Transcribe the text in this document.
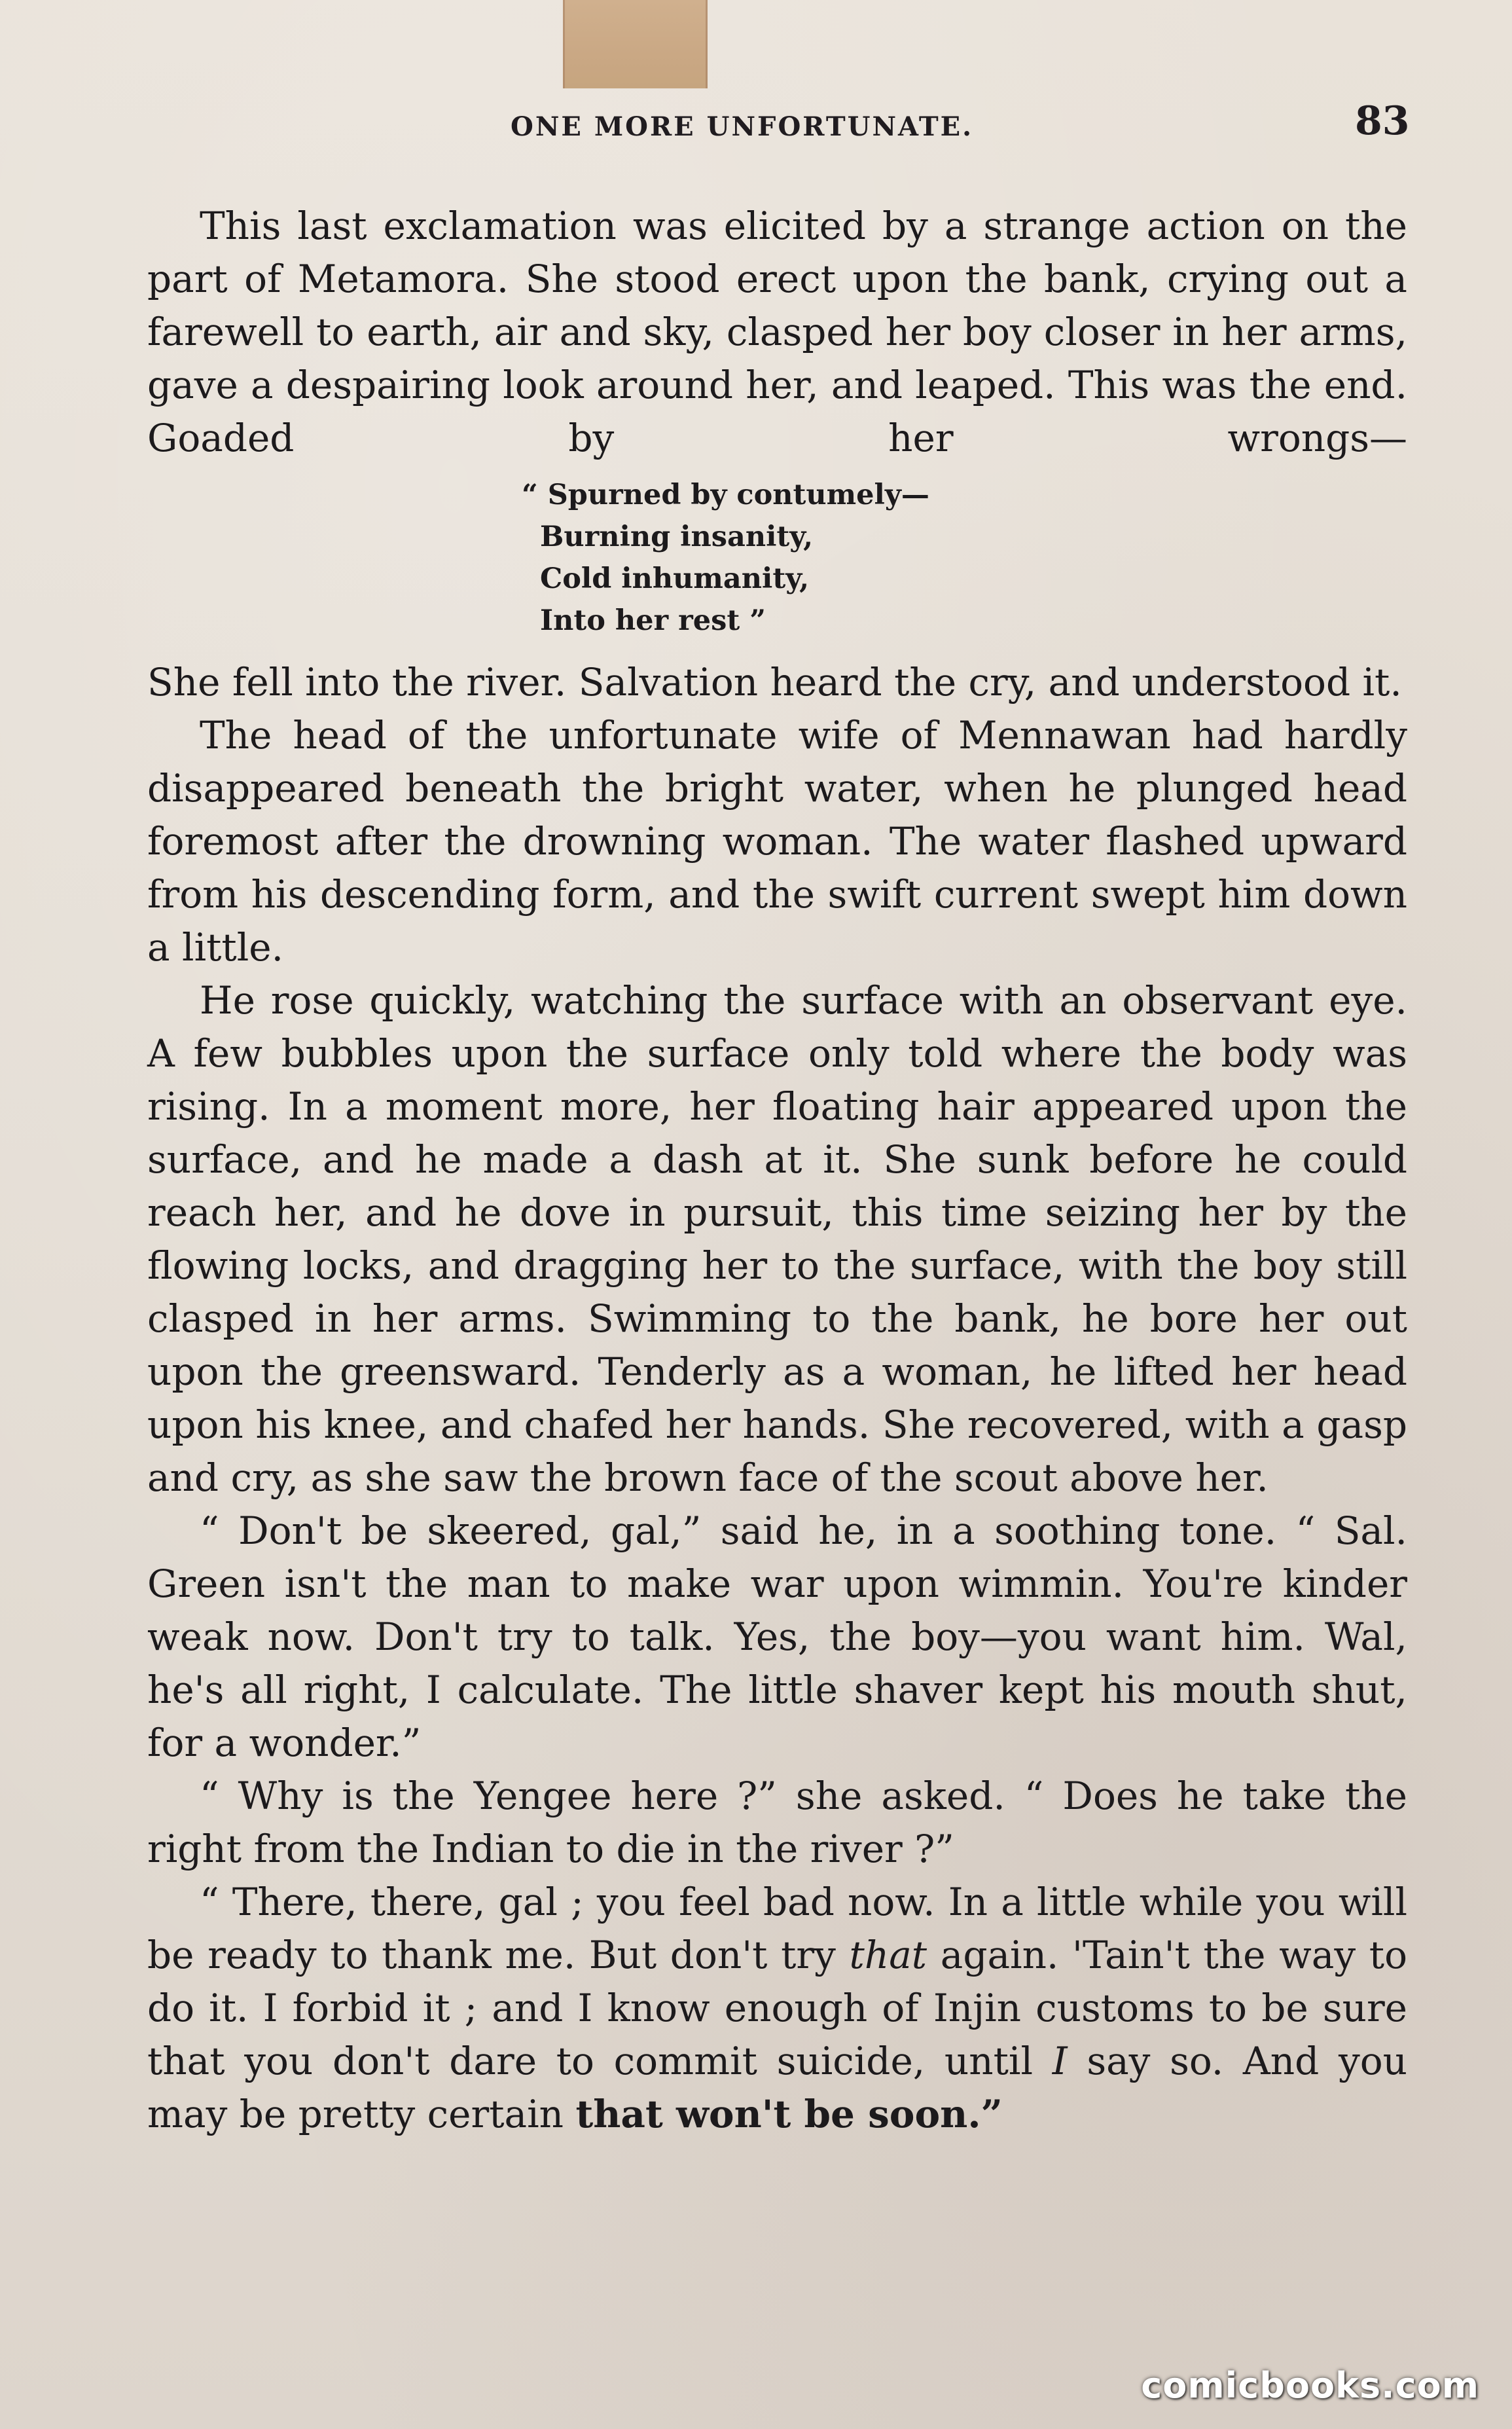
ONE MORE UNFORTUNATE.	83

This last exclamation was elicited by a strange action on the part of Metamora. She stood erect upon the bank, crying out a farewell to earth, air and sky, clasped her boy closer in her arms, gave a despairing look around her, and leaped. This was the end. Goaded by her wrongs—

“ Spurned by contumely—
Burning insanity,
Cold inhumanity,
Into her rest ”

She fell into the river. Salvation heard the cry, and understood it.

The head of the unfortunate wife of Mennawan had hardly disappeared beneath the bright water, when he plunged head foremost after the drowning woman. The water flashed upward from his descending form, and the swift current swept him down a little.

He rose quickly, watching the surface with an observant eye. A few bubbles upon the surface only told where the body was rising. In a moment more, her floating hair appeared upon the surface, and he made a dash at it. She sunk before he could reach her, and he dove in pursuit, this time seizing her by the flowing locks, and dragging her to the surface, with the boy still clasped in her arms. Swimming to the bank, he bore her out upon the greensward. Tenderly as a woman, he lifted her head upon his knee, and chafed her hands. She recovered, with a gasp and cry, as she saw the brown face of the scout above her.

“ Don't be skeered, gal,” said he, in a soothing tone. “ Sal. Green isn't the man to make war upon wimmin. You're kinder weak now. Don't try to talk. Yes, the boy—you want him. Wal, he's all right, I calculate. The little shaver kept his mouth shut, for a wonder.”

“ Why is the Yengee here ?” she asked. “ Does he take the right from the Indian to die in the river ?”

“ There, there, gal ; you feel bad now. In a little while you will be ready to thank me. But don't try that again. 'Tain't the way to do it. I forbid it ; and I know enough of Injin customs to be sure that you don't dare to commit suicide, until I say so. And you may be pretty certain that won't be soon.”

comicbooks.com
